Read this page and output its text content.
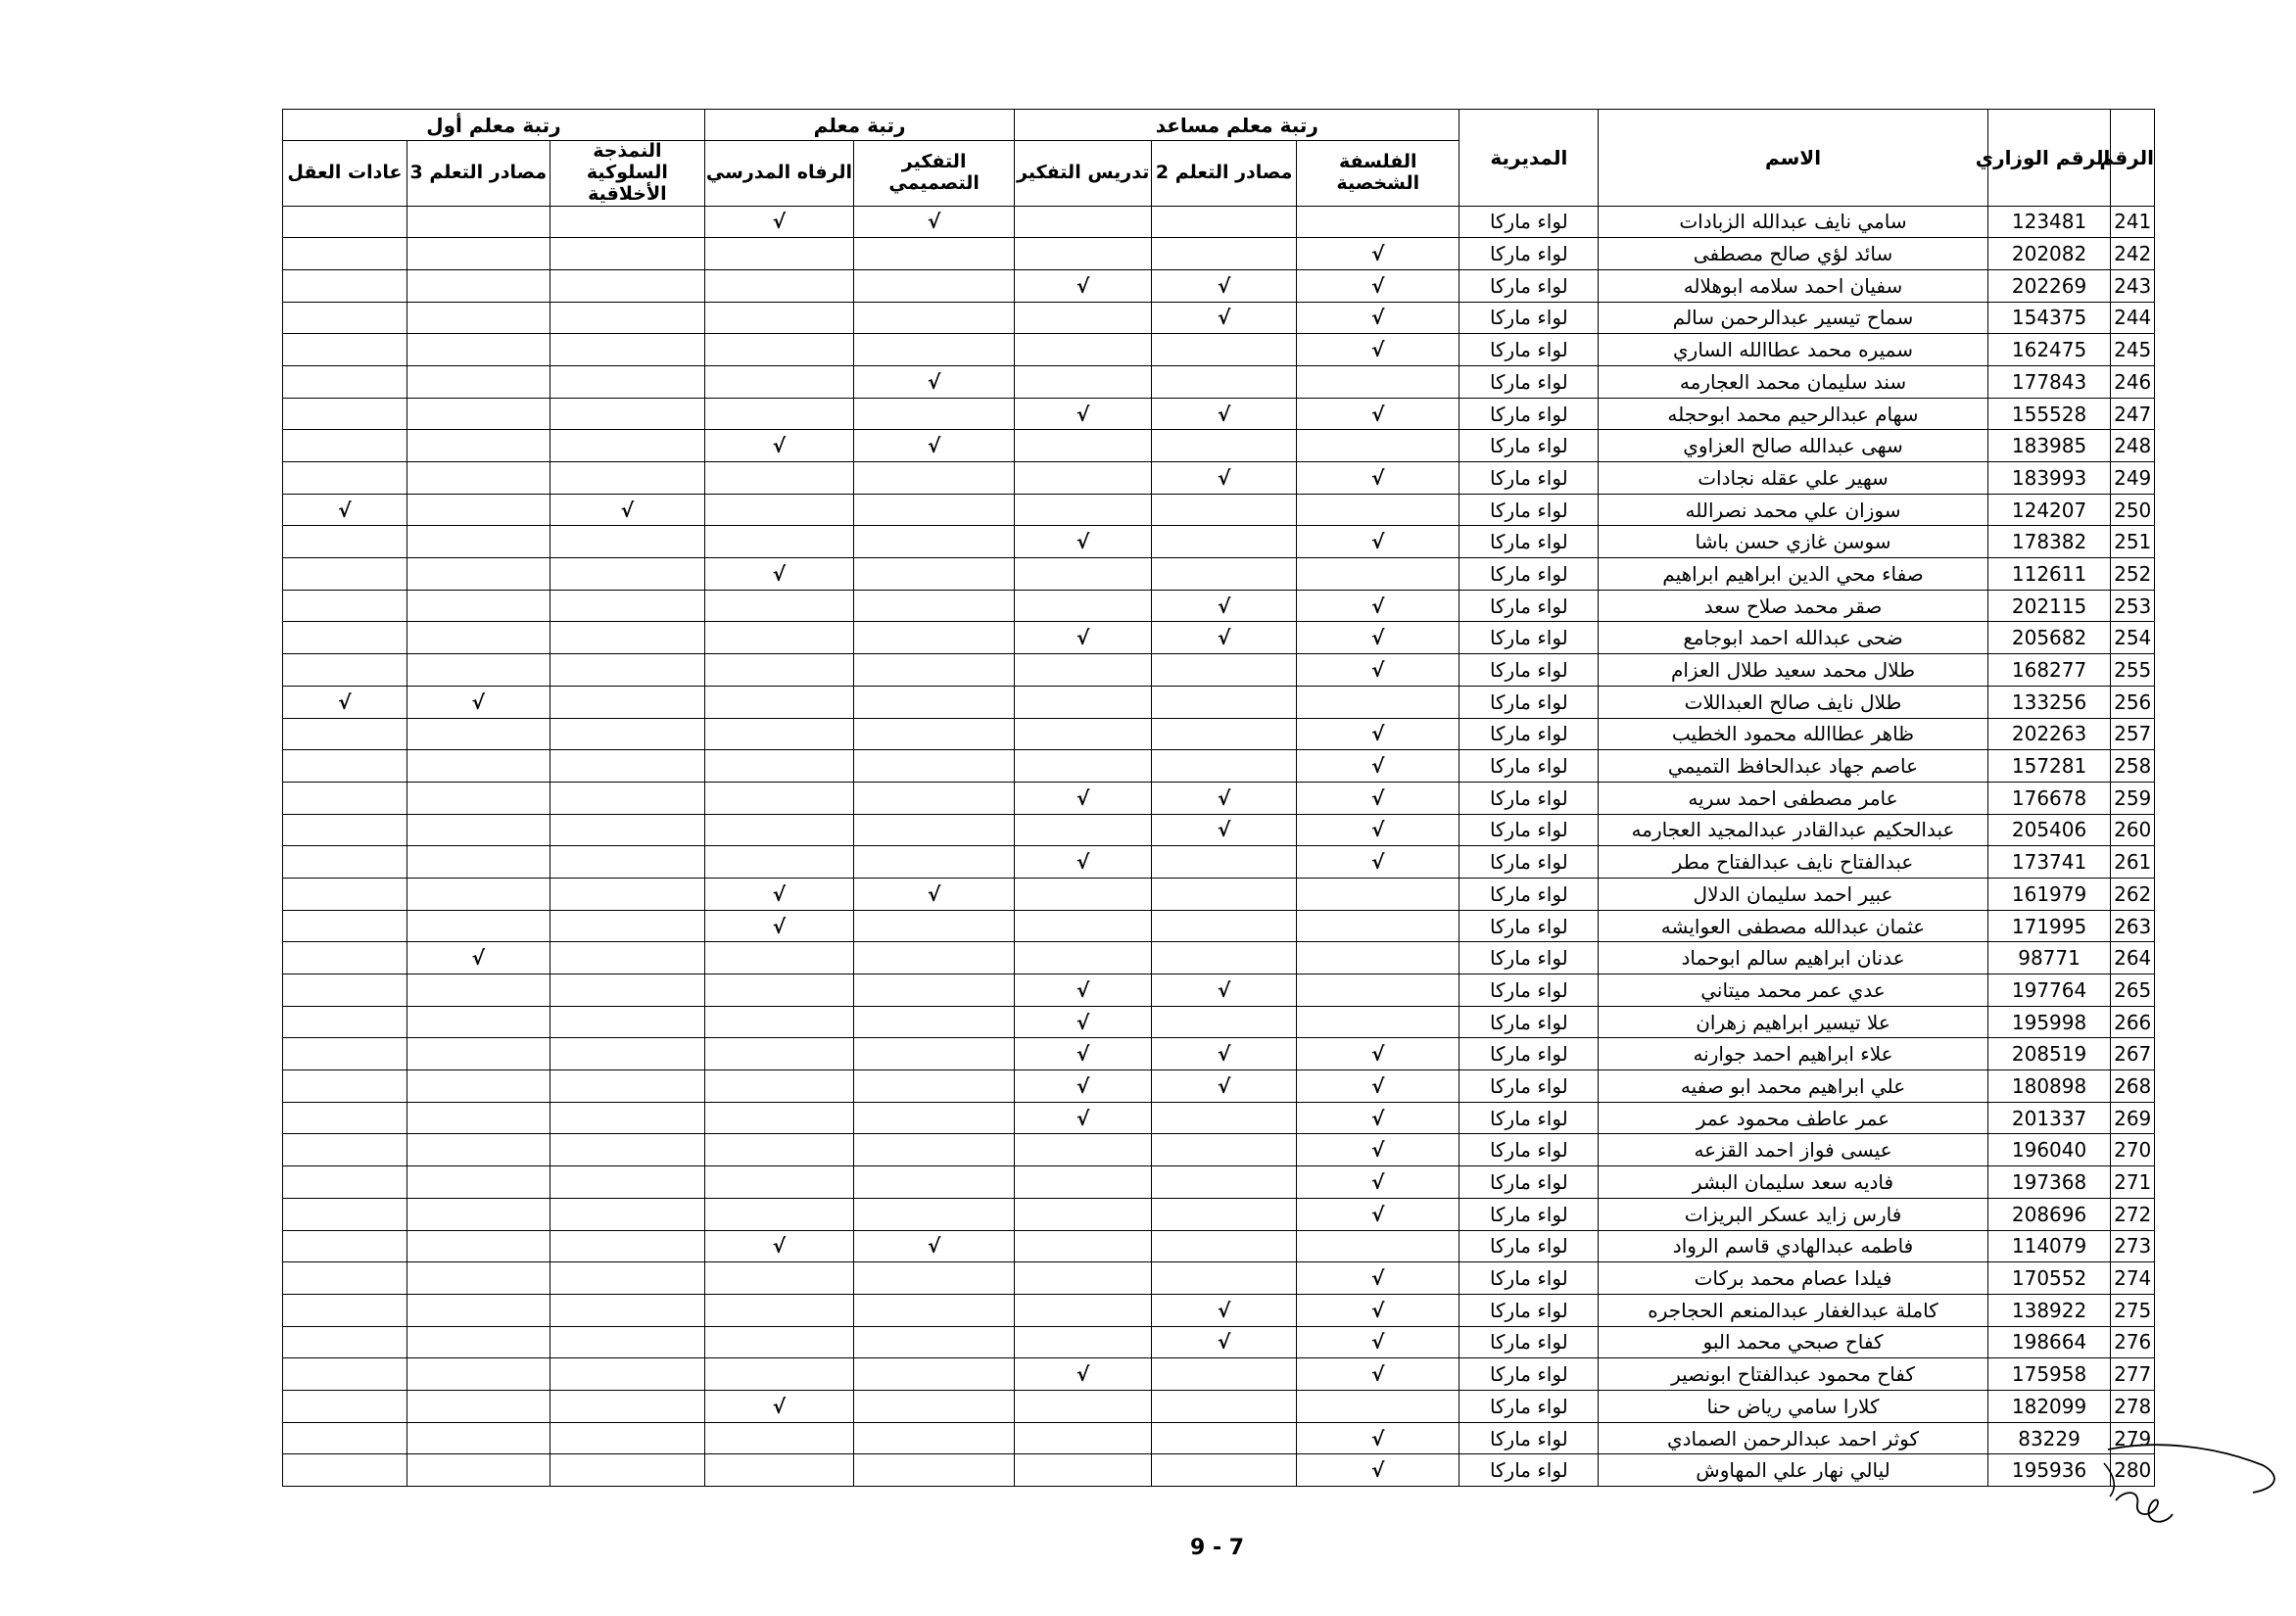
الرقم	الرقم الوزاري	الاسم	المديرية	رتبة معلم مساعد			رتبة معلم		رتبة معلم أول		
				الفلسفة الشخصية	مصادر التعلم 2	تدريس التفكير	التفكير التصميمي	الرفاه المدرسي	النمذجة السلوكية الأخلاقية	مصادر التعلم 3	عادات العقل
241	123481	سامي نايف عبدالله الزبادات	لواء ماركا				√	√			
242	202082	سائد لؤي صالح مصطفى	لواء ماركا	√							
243	202269	سفيان احمد سلامه ابوهلاله	لواء ماركا	√	√	√					
244	154375	سماح تيسير عبدالرحمن سالم	لواء ماركا	√	√						
245	162475	سميره محمد عطاالله الساري	لواء ماركا	√							
246	177843	سند سليمان محمد العجارمه	لواء ماركا				√				
247	155528	سهام عبدالرحيم محمد ابوحجله	لواء ماركا	√	√	√					
248	183985	سهى عبدالله صالح العزاوي	لواء ماركا				√	√			
249	183993	سهير علي عقله نجادات	لواء ماركا	√	√						
250	124207	سوزان علي محمد نصرالله	لواء ماركا						√		√
251	178382	سوسن غازي حسن باشا	لواء ماركا	√		√					
252	112611	صفاء محي الدين ابراهيم ابراهيم	لواء ماركا					√			
253	202115	صقر محمد صلاح سعد	لواء ماركا	√	√						
254	205682	ضحى عبدالله احمد ابوجامع	لواء ماركا	√	√	√					
255	168277	طلال محمد سعيد طلال العزام	لواء ماركا	√							
256	133256	طلال نايف صالح العبداللات	لواء ماركا							√	√
257	202263	ظاهر عطاالله محمود الخطيب	لواء ماركا	√							
258	157281	عاصم جهاد عبدالحافظ التميمي	لواء ماركا	√							
259	176678	عامر مصطفى احمد سريه	لواء ماركا	√	√	√					
260	205406	عبدالحكيم عبدالقادر عبدالمجيد العجارمه	لواء ماركا	√	√						
261	173741	عبدالفتاح نايف عبدالفتاح مطر	لواء ماركا	√		√					
262	161979	عبير احمد سليمان الدلال	لواء ماركا				√	√			
263	171995	عثمان عبدالله مصطفى العوايشه	لواء ماركا					√			
264	98771	عدنان ابراهيم سالم ابوحماد	لواء ماركا							√	
265	197764	عدي عمر محمد ميتاني	لواء ماركا		√	√					
266	195998	علا تيسير ابراهيم زهران	لواء ماركا			√					
267	208519	علاء ابراهيم احمد جوارنه	لواء ماركا	√	√	√					
268	180898	علي ابراهيم محمد ابو صفيه	لواء ماركا	√	√	√					
269	201337	عمر عاطف محمود عمر	لواء ماركا	√		√					
270	196040	عيسى فواز احمد القزعه	لواء ماركا	√							
271	197368	فاديه سعد سليمان البشر	لواء ماركا	√							
272	208696	فارس زايد عسكر البريزات	لواء ماركا	√							
273	114079	فاطمه عبدالهادي قاسم الرواد	لواء ماركا				√	√			
274	170552	فيلدا عصام محمد بركات	لواء ماركا	√							
275	138922	كاملة عبدالغفار عبدالمنعم الحجاجره	لواء ماركا	√	√						
276	198664	كفاح صبحي محمد البو	لواء ماركا	√	√						
277	175958	كفاح محمود عبدالفتاح ابونصير	لواء ماركا	√		√					
278	182099	كلارا سامي رياض حنا	لواء ماركا					√			
279	83229	كوثر احمد عبدالرحمن الصمادي	لواء ماركا	√							
280	195936	ليالي نهار علي المهاوش	لواء ماركا	√							
9 - 7
